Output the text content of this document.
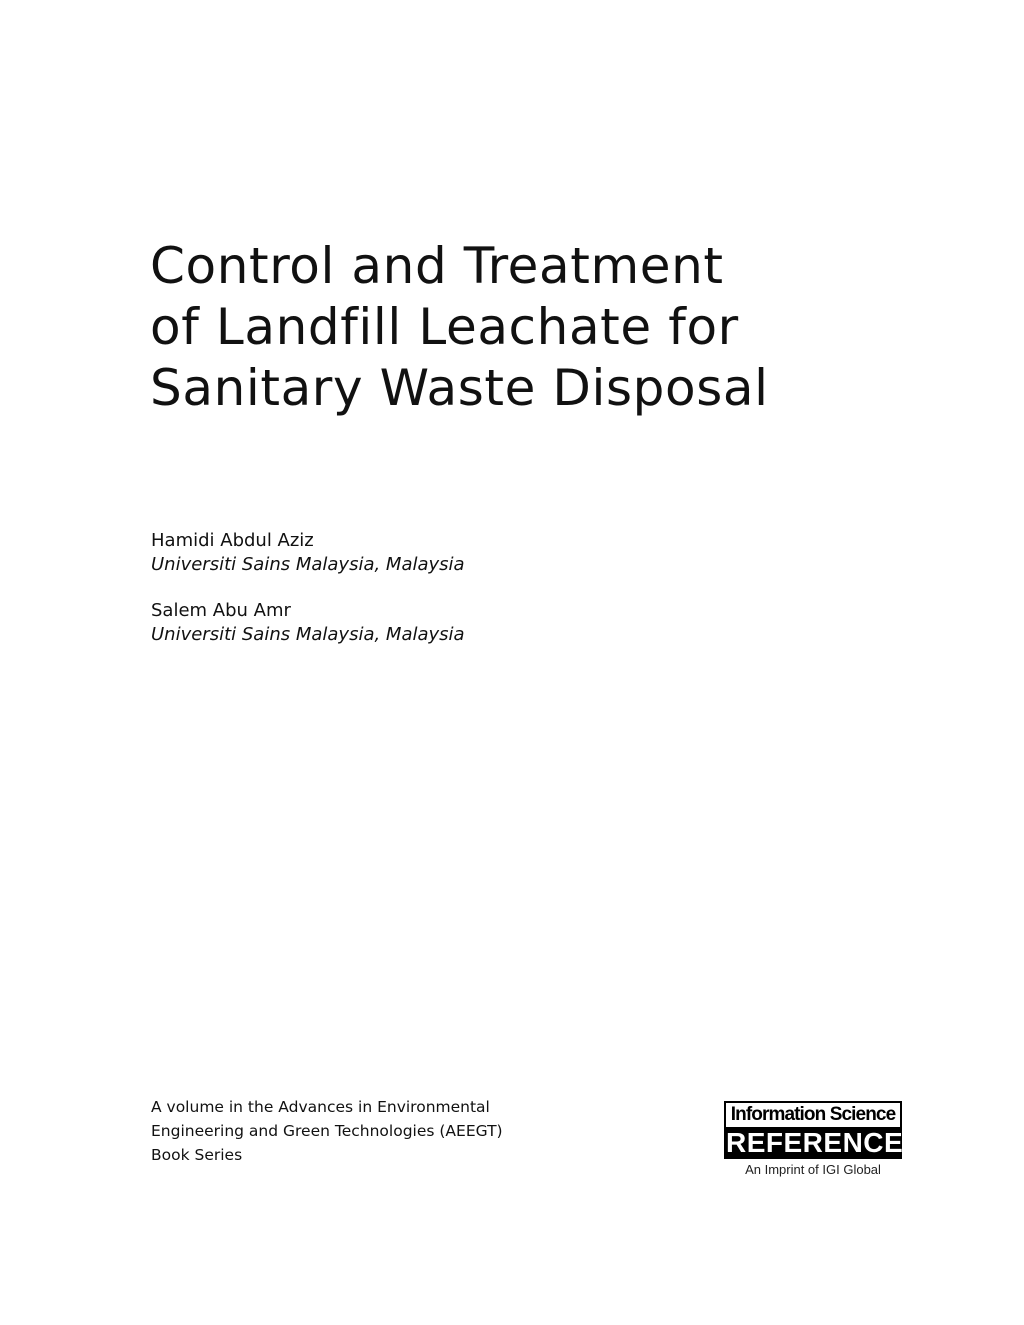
Control and Treatment
of Landfill Leachate for
Sanitary Waste Disposal
Hamidi Abdul Aziz
Universiti Sains Malaysia, Malaysia
Salem Abu Amr
Universiti Sains Malaysia, Malaysia
A volume in the Advances in Environmental
Engineering and Green Technologies (AEEGT)
Book Series
Information Science
REFERENCE
An Imprint of IGI Global
